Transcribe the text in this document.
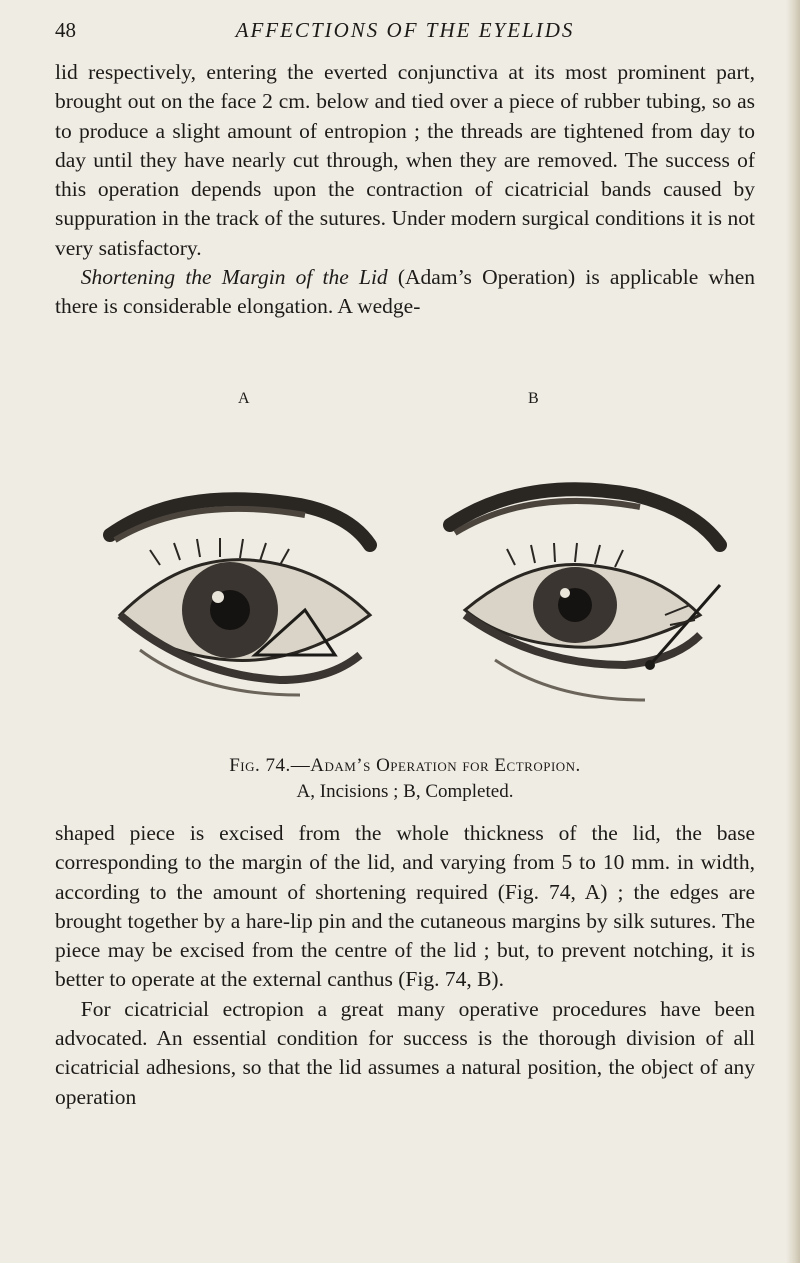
48	AFFECTIONS OF THE EYELIDS

lid respectively, entering the everted conjunctiva at its most prominent part, brought out on the face 2 cm. below and tied over a piece of rubber tubing, so as to produce a slight amount of entropion ; the threads are tightened from day to day until they have nearly cut through, when they are removed. The success of this operation depends upon the contraction of cicatricial bands caused by suppuration in the track of the sutures. Under modern surgical conditions it is not very satisfactory.

Shortening the Margin of the Lid (Adam’s Operation) is applicable when there is considerable elongation. A wedge-

A	B
Fig. 74.—Adam’s Operation for Ectropion.
A, Incisions ; B, Completed.

shaped piece is excised from the whole thickness of the lid, the base corresponding to the margin of the lid, and varying from 5 to 10 mm. in width, according to the amount of shortening required (Fig. 74, A) ; the edges are brought together by a hare-lip pin and the cutaneous margins by silk sutures. The piece may be excised from the centre of the lid ; but, to prevent notching, it is better to operate at the external canthus (Fig. 74, B).

For cicatricial ectropion a great many operative procedures have been advocated. An essential condition for success is the thorough division of all cicatricial adhesions, so that the lid assumes a natural position, the object of any operation
